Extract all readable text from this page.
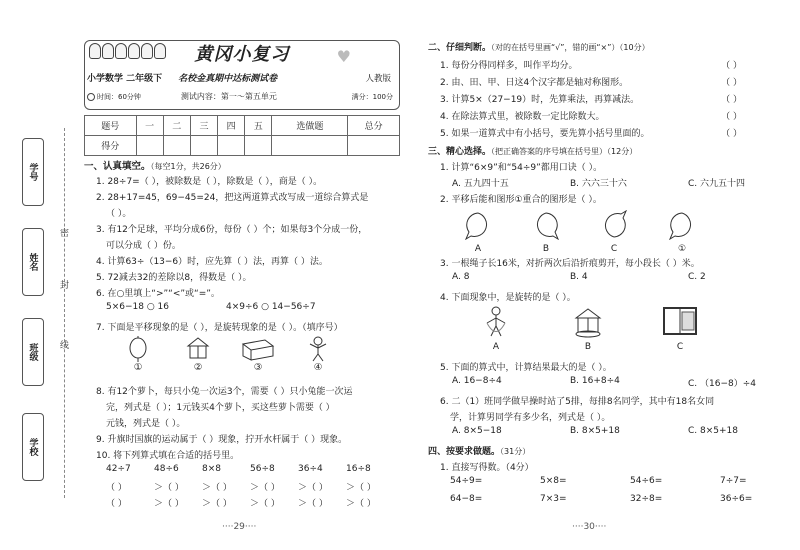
学号
姓名
班级
学校
密
封
线
黄冈小复习	♥
小学数学 二年级下 名校金真期中达标测试卷	人教版
时间：60分钟	测试内容：第一～第五单元	满分：100分
题号	一	二	三	四	五	选做题	总分
得分							
一、认真填空。（每空1分，共26分）
1. 28÷7=（ ），被除数是（ ），除数是（ ），商是（ ）。
2. 28+17=45，69−45=24，把这两道算式改写成一道综合算式是
（ ）。
3. 有12个足球，平均分成6份，每份（ ）个；如果每3个分成一份，
可以分成（ ）份。
4. 计算63÷（13−6）时，应先算（ ）法，再算（ ）法。
5. 72减去32的差除以8，得数是（ ）。
6. 在○里填上“>”“<”或“=”。
5×6−18 ○ 16	4×9÷6 ○ 14−56÷7
7. 下面是平移现象的是（ ），是旋转现象的是（ ）。（填序号）
①	②	③	④
8. 有12个萝卜，每只小兔一次运3个，需要（ ）只小兔能一次运
完，列式是（ ）；1元钱买4个萝卜，买这些萝卜需要（ ）
元钱，列式是（ ）。
9. 升旗时国旗的运动属于（ ）现象，拧开水杆属于（ ）现象。
10. 将下列算式填在合适的括号里。
42÷7	48÷6	8×8	56÷8	36÷4	16÷8
（ ）	＞（ ）	＞（ ）	＞（ ）	＞（ ）	＞（ ）
（ ）	＞（ ）	＞（ ）	＞（ ）	＞（ ）	＞（ ）
····29····
二、仔细判断。（对的在括号里画“√”，错的画“×”）（10分）
1. 每份分得同样多，叫作平均分。	（ ）
2. 由、田、甲、日这4个汉字都是轴对称图形。	（ ）
3. 计算5×（27−19）时，先算乘法，再算减法。	（ ）
4. 在除法算式里，被除数一定比除数大。	（ ）
5. 如果一道算式中有小括号，要先算小括号里面的。	（ ）
三、精心选择。（把正确答案的序号填在括号里）（12分）
1. 计算“6×9”和“54÷9”都用口诀（ ）。
A. 五九四十五	B. 六六三十六	C. 六九五十四
2. 平移后能和图形①重合的图形是（ ）。
A	B	C	①
3. 一根绳子长16米，对折两次后沿折痕剪开，每小段长（ ）米。
A. 8	B. 4	C. 2
4. 下面现象中，是旋转的是（ ）。
A	B	C
5. 下面的算式中，计算结果最大的是（ ）。
A. 16−8÷4	B. 16+8÷4	C. （16−8）÷4
6. 二（1）班同学做早操时站了5排，每排8名同学，其中有18名女同
学，计算男同学有多少名，列式是（ ）。
A. 8×5−18	B. 8×5+18	C. 8×5+18
四、按要求做题。（31分）
1. 直接写得数。（4分）
54÷9=	5×8=	54÷6=	7÷7=
64−8=	7×3=	32÷8=	36÷6=
····30····
